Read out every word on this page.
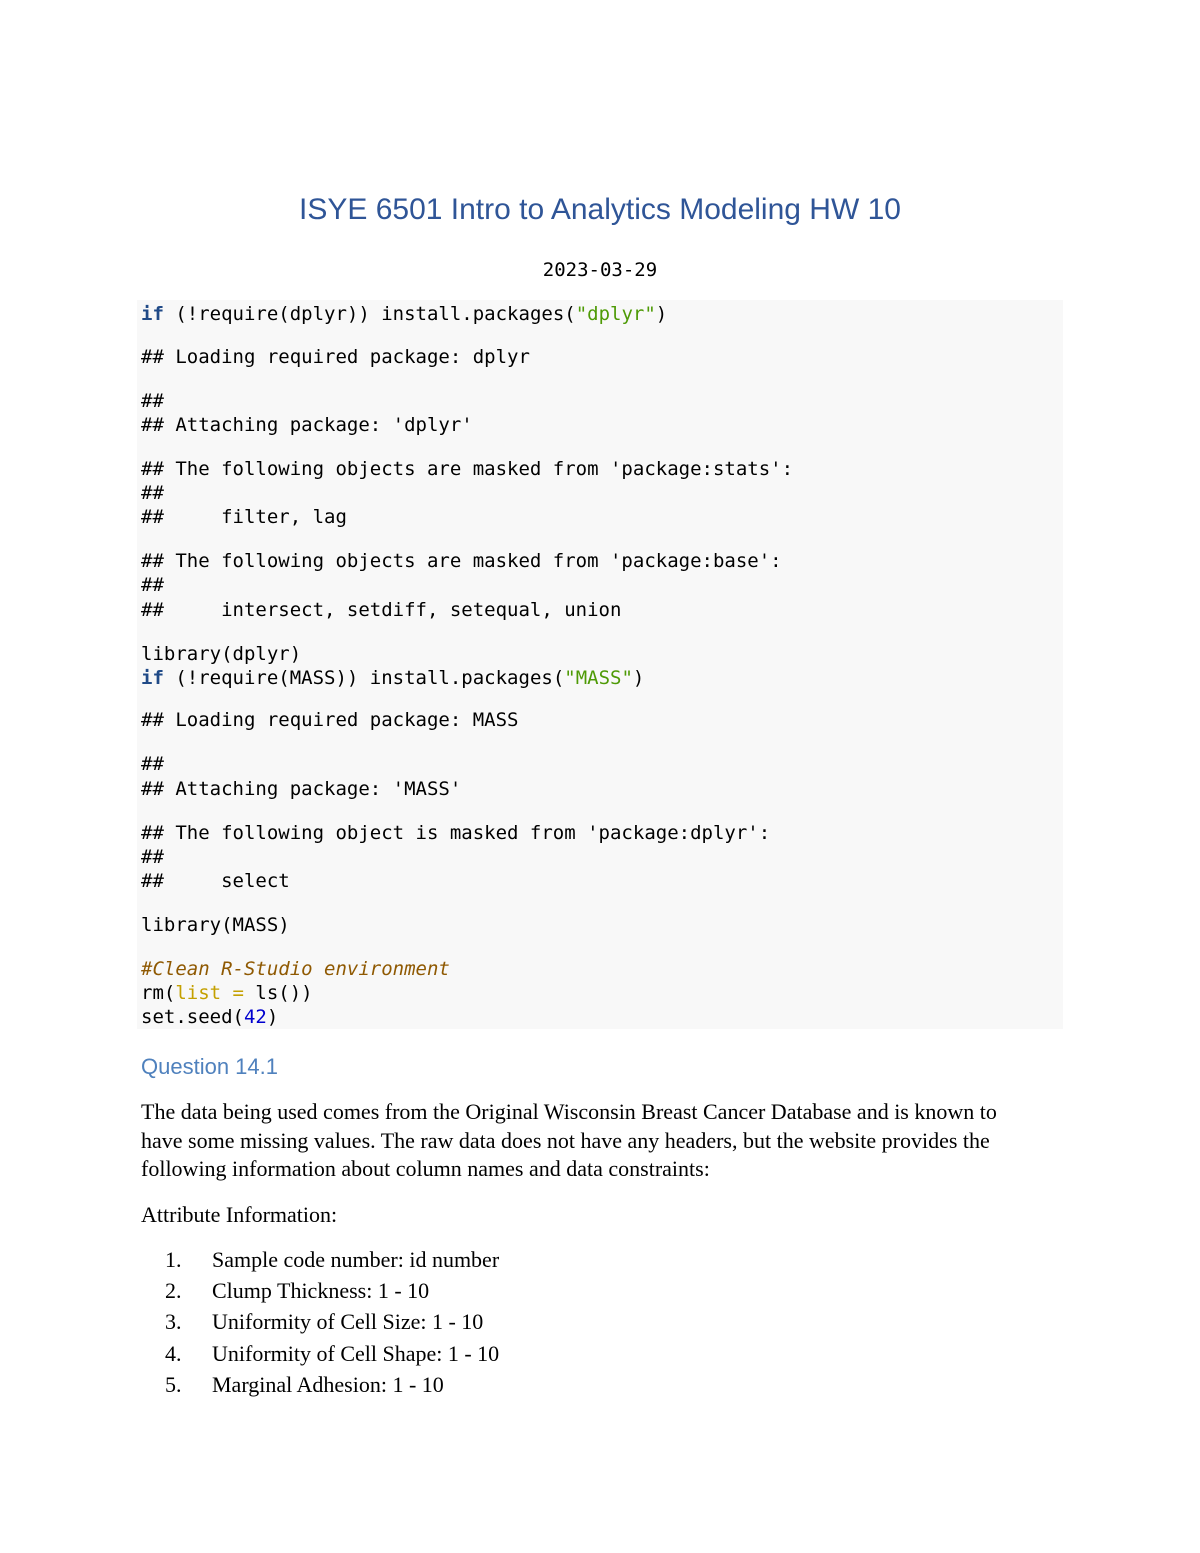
ISYE 6501 Intro to Analytics Modeling HW 10
2023-03-29
if (!require(dplyr)) install.packages("dplyr")
## Loading required package: dplyr
##
## Attaching package: 'dplyr'
## The following objects are masked from 'package:stats':
##
##     filter, lag
## The following objects are masked from 'package:base':
##
##     intersect, setdiff, setequal, union
library(dplyr)
if (!require(MASS)) install.packages("MASS")
## Loading required package: MASS
##
## Attaching package: 'MASS'
## The following object is masked from 'package:dplyr':
##
##     select
library(MASS)
#Clean R-Studio environment
rm(list = ls())
set.seed(42)
Question 14.1
The data being used comes from the Original Wisconsin Breast Cancer Database and is known to have some missing values. The raw data does not have any headers, but the website provides the following information about column names and data constraints:
Attribute Information:
1. Sample code number: id number
2. Clump Thickness: 1 - 10
3. Uniformity of Cell Size: 1 - 10
4. Uniformity of Cell Shape: 1 - 10
5. Marginal Adhesion: 1 - 10
